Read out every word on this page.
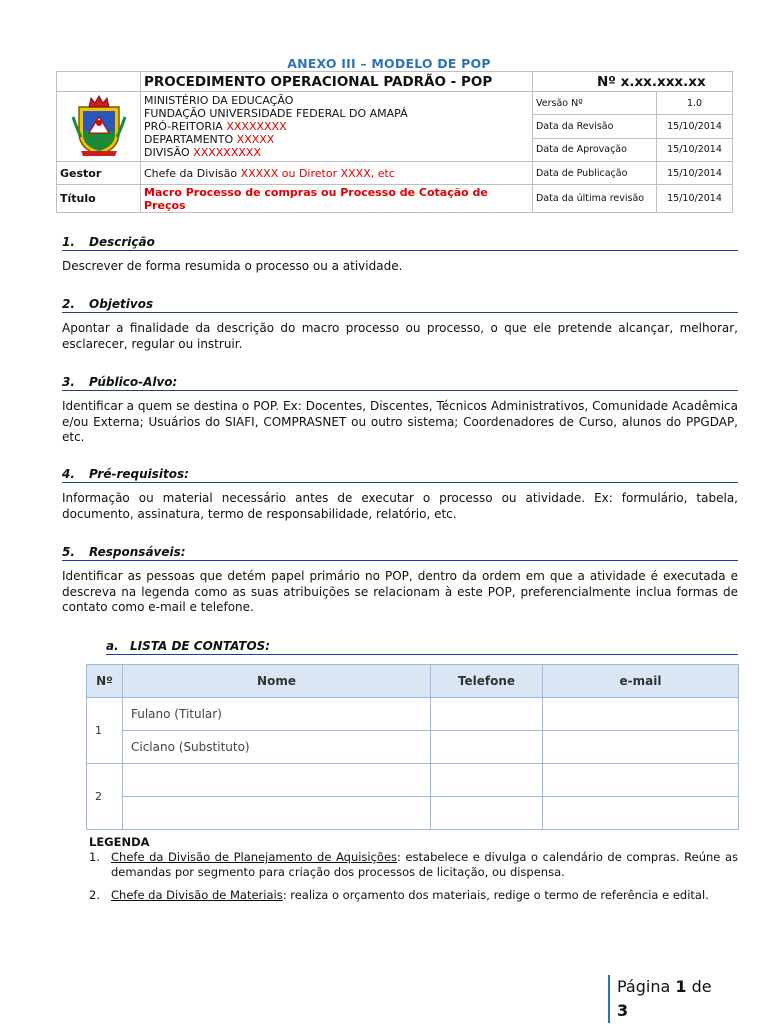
ANEXO III – MODELO DE POP
	PROCEDIMENTO OPERACIONAL PADRÃO - POP	Nº x.xx.xxx.xx	

MINISTÉRIO DA EDUCAÇÃO
FUNDAÇÃO UNIVERSIDADE FEDERAL DO AMAPÁ
PRÓ-REITORIA XXXXXXXX
DEPARTAMENTO XXXXX
DIVISÃO XXXXXXXXX	Versão Nº	1.0
		Data da Revisão	15/10/2014
		Data de Aprovação	15/10/2014
Gestor	Chefe da Divisão XXXXX ou Diretor XXXX, etc	Data de Publicação	15/10/2014
Título	Macro Processo de compras ou Processo de Cotação de Preços	Data da última revisão	15/10/2014
1. Descrição
Descrever de forma resumida o processo ou a atividade.
2. Objetivos
Apontar a finalidade da descrição do macro processo ou processo, o que ele pretende alcançar, melhorar, esclarecer, regular ou instruir.
3. Público-Alvo:
Identificar a quem se destina o POP. Ex: Docentes, Discentes, Técnicos Administrativos, Comunidade Acadêmica e/ou Externa; Usuários do SIAFI, COMPRASNET ou outro sistema; Coordenadores de Curso, alunos do PPGDAP, etc.
4. Pré-requisitos:
Informação ou material necessário antes de executar o processo ou atividade. Ex: formulário, tabela, documento, assinatura, termo de responsabilidade, relatório, etc.
5. Responsáveis:
Identificar as pessoas que detém papel primário no POP, dentro da ordem em que a atividade é executada e descreva na legenda como as suas atribuições se relacionam à este POP, preferencialmente inclua formas de contato como e-mail e telefone.
a. LISTA DE CONTATOS:
Nº	Nome	Telefone	e-mail
1	Fulano (Titular)		
	Ciclano (Substituto)		
2			

LEGENDA
1. Chefe da Divisão de Planejamento de Aquisições: estabelece e divulga o calendário de compras. Reúne as demandas por segmento para criação dos processos de licitação, ou dispensa.
2. Chefe da Divisão de Materiais: realiza o orçamento dos materiais, redige o termo de referência e edital.
Página 1 de
3
